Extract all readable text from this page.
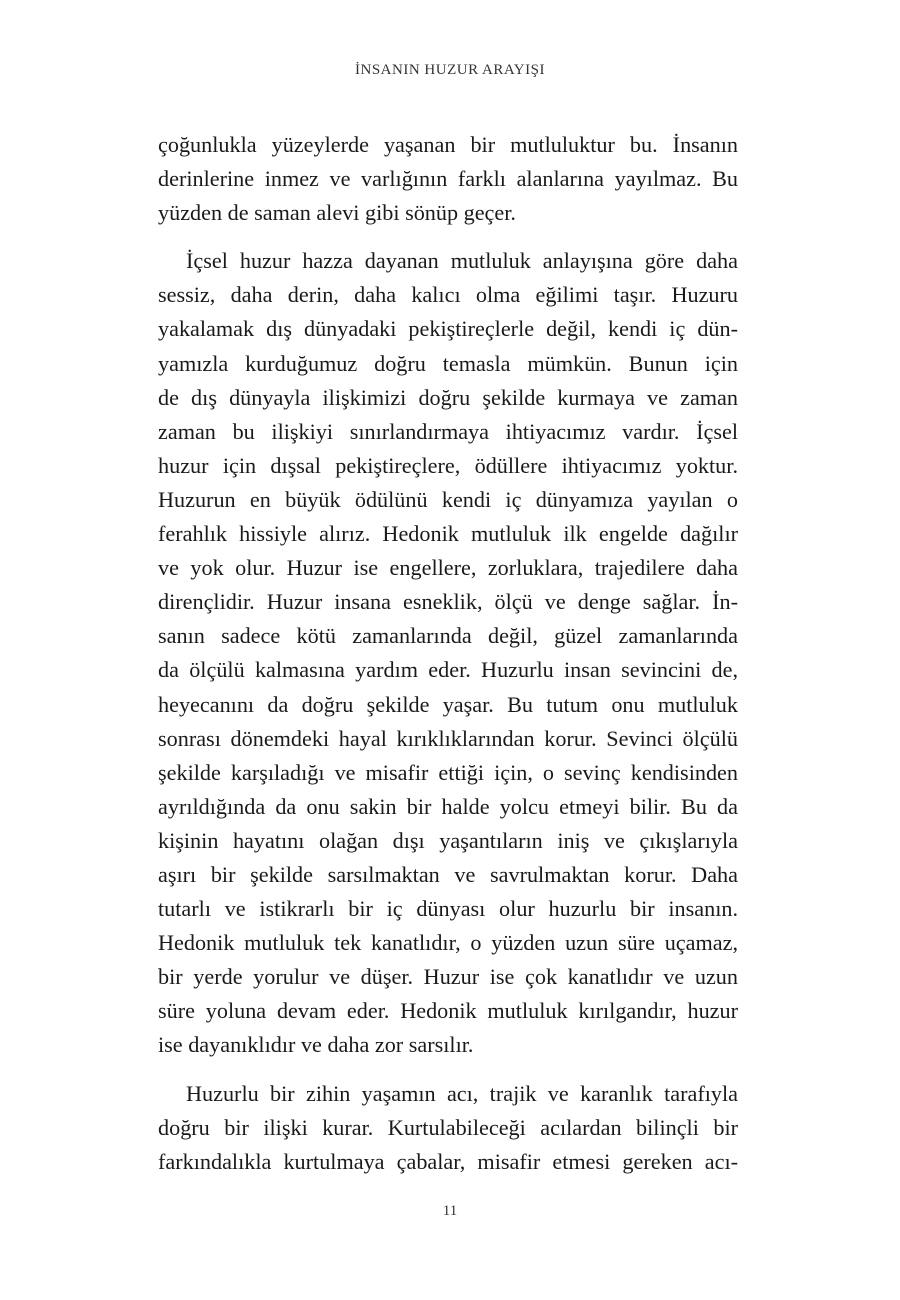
İNSANIN HUZUR ARAYIŞI
çoğunlukla yüzeylerde yaşanan bir mutluluktur bu. İnsanın
derinlerine inmez ve varlığının farklı alanlarına yayılmaz. Bu
yüzden de saman alevi gibi sönüp geçer.
İçsel huzur hazza dayanan mutluluk anlayışına göre daha
sessiz, daha derin, daha kalıcı olma eğilimi taşır. Huzuru
yakalamak dış dünyadaki pekiştireçlerle değil, kendi iç dün-
yamızla kurduğumuz doğru temasla mümkün. Bunun için
de dış dünyayla ilişkimizi doğru şekilde kurmaya ve zaman
zaman bu ilişkiyi sınırlandırmaya ihtiyacımız vardır. İçsel
huzur için dışsal pekiştireçlere, ödüllere ihtiyacımız yoktur.
Huzurun en büyük ödülünü kendi iç dünyamıza yayılan o
ferahlık hissiyle alırız. Hedonik mutluluk ilk engelde dağılır
ve yok olur. Huzur ise engellere, zorluklara, trajedilere daha
dirençlidir. Huzur insana esneklik, ölçü ve denge sağlar. İn-
sanın sadece kötü zamanlarında değil, güzel zamanlarında
da ölçülü kalmasına yardım eder. Huzurlu insan sevincini de,
heyecanını da doğru şekilde yaşar. Bu tutum onu mutluluk
sonrası dönemdeki hayal kırıklıklarından korur. Sevinci ölçülü
şekilde karşıladığı ve misafir ettiği için, o sevinç kendisinden
ayrıldığında da onu sakin bir halde yolcu etmeyi bilir. Bu da
kişinin hayatını olağan dışı yaşantıların iniş ve çıkışlarıyla
aşırı bir şekilde sarsılmaktan ve savrulmaktan korur. Daha
tutarlı ve istikrarlı bir iç dünyası olur huzurlu bir insanın.
Hedonik mutluluk tek kanatlıdır, o yüzden uzun süre uçamaz,
bir yerde yorulur ve düşer. Huzur ise çok kanatlıdır ve uzun
süre yoluna devam eder. Hedonik mutluluk kırılgandır, huzur
ise dayanıklıdır ve daha zor sarsılır.
Huzurlu bir zihin yaşamın acı, trajik ve karanlık tarafıyla
doğru bir ilişki kurar. Kurtulabileceği acılardan bilinçli bir
farkındalıkla kurtulmaya çabalar, misafir etmesi gereken acı-
11
